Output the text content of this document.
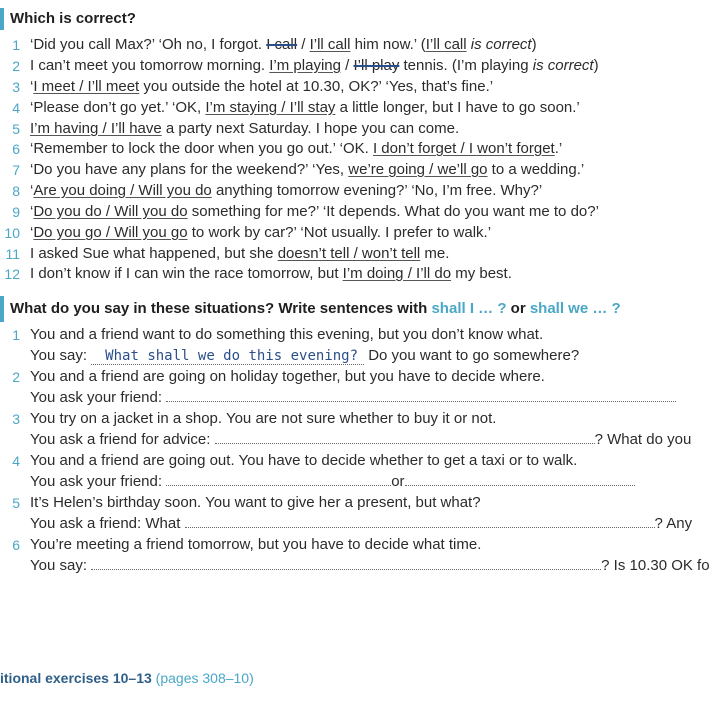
Which is correct?
1 ‘Did you call Max?’ ‘Oh no, I forgot. I call / I’ll call him now.’ (I’ll call is correct)
2 I can’t meet you tomorrow morning. I’m playing / I’ll play tennis. (I’m playing is correct)
3 ‘I meet / I’ll meet you outside the hotel at 10.30, OK?’ ‘Yes, that’s fine.’
4 ‘Please don’t go yet.’ ‘OK, I’m staying / I’ll stay a little longer, but I have to go soon.’
5 I’m having / I’ll have a party next Saturday. I hope you can come.
6 ‘Remember to lock the door when you go out.’ ‘OK. I don’t forget / I won’t forget.’
7 ‘Do you have any plans for the weekend?’ ‘Yes, we’re going / we’ll go to a wedding.’
8 ‘Are you doing / Will you do anything tomorrow evening?’ ‘No, I’m free. Why?’
9 ‘Do you do / Will you do something for me?’ ‘It depends. What do you want me to do?’
10 ‘Do you go / Will you go to work by car?’ ‘Not usually. I prefer to walk.’
11 I asked Sue what happened, but she doesn’t tell / won’t tell me.
12 I don’t know if I can win the race tomorrow, but I’m doing / I’ll do my best.
What do you say in these situations? Write sentences with shall I … ? or shall we … ?
1 You and a friend want to do something this evening, but you don’t know what.
You say: What shall we do this evening? Do you want to go somewhere?
2 You and a friend are going on holiday together, but you have to decide where.
You ask your friend:
3 You try on a jacket in a shop. You are not sure whether to buy it or not.
You ask a friend for advice:	? What do you
4 You and a friend are going out. You have to decide whether to get a taxi or to walk.
You ask your friend:	or
5 It’s Helen’s birthday soon. You want to give her a present, but what?
You ask a friend: What	? Any
6 You’re meeting a friend tomorrow, but you have to decide what time.
You say:	? Is 10.30 OK fo
itional exercises 10–13 (pages 308–10)
